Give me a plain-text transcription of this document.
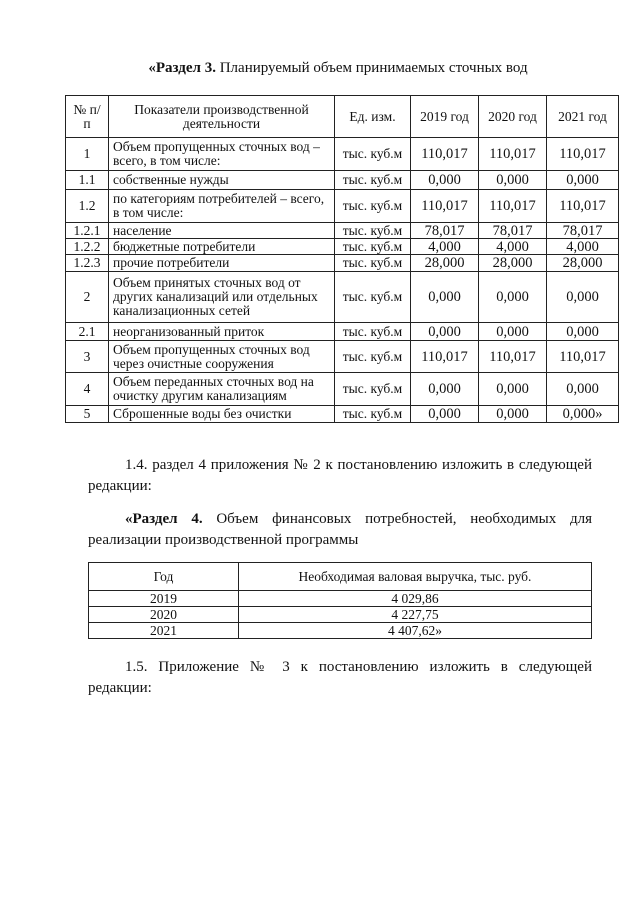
«Раздел 3. Планируемый объем принимаемых сточных вод
№ п/п	Показатели производственной деятельности	Ед. изм.	2019 год	2020 год	2021 год
1	Объем пропущенных сточных вод – всего, в том числе:	тыс. куб.м	110,017	110,017	110,017
1.1	собственные нужды	тыс. куб.м	0,000	0,000	0,000
1.2	по категориям потребителей – всего, в том числе:	тыс. куб.м	110,017	110,017	110,017
1.2.1	население	тыс. куб.м	78,017	78,017	78,017
1.2.2	бюджетные потребители	тыс. куб.м	4,000	4,000	4,000
1.2.3	прочие потребители	тыс. куб.м	28,000	28,000	28,000
2	Объем принятых сточных вод от других канализаций или отдельных канализационных сетей	тыс. куб.м	0,000	0,000	0,000
2.1	неорганизованный приток	тыс. куб.м	0,000	0,000	0,000
3	Объем пропущенных сточных вод через очистные сооружения	тыс. куб.м	110,017	110,017	110,017
4	Объем переданных сточных вод на очистку другим канализациям	тыс. куб.м	0,000	0,000	0,000
5	Сброшенные воды без очистки	тыс. куб.м	0,000	0,000	0,000»
1.4. раздел 4 приложения № 2 к постановлению изложить в следующей редакции:
«Раздел 4. Объем финансовых потребностей, необходимых для реализации производственной программы
Год	Необходимая валовая выручка, тыс. руб.
2019	4 029,86
2020	4 227,75
2021	4 407,62»
1.5. Приложение № 3 к постановлению изложить в следующей редакции:
